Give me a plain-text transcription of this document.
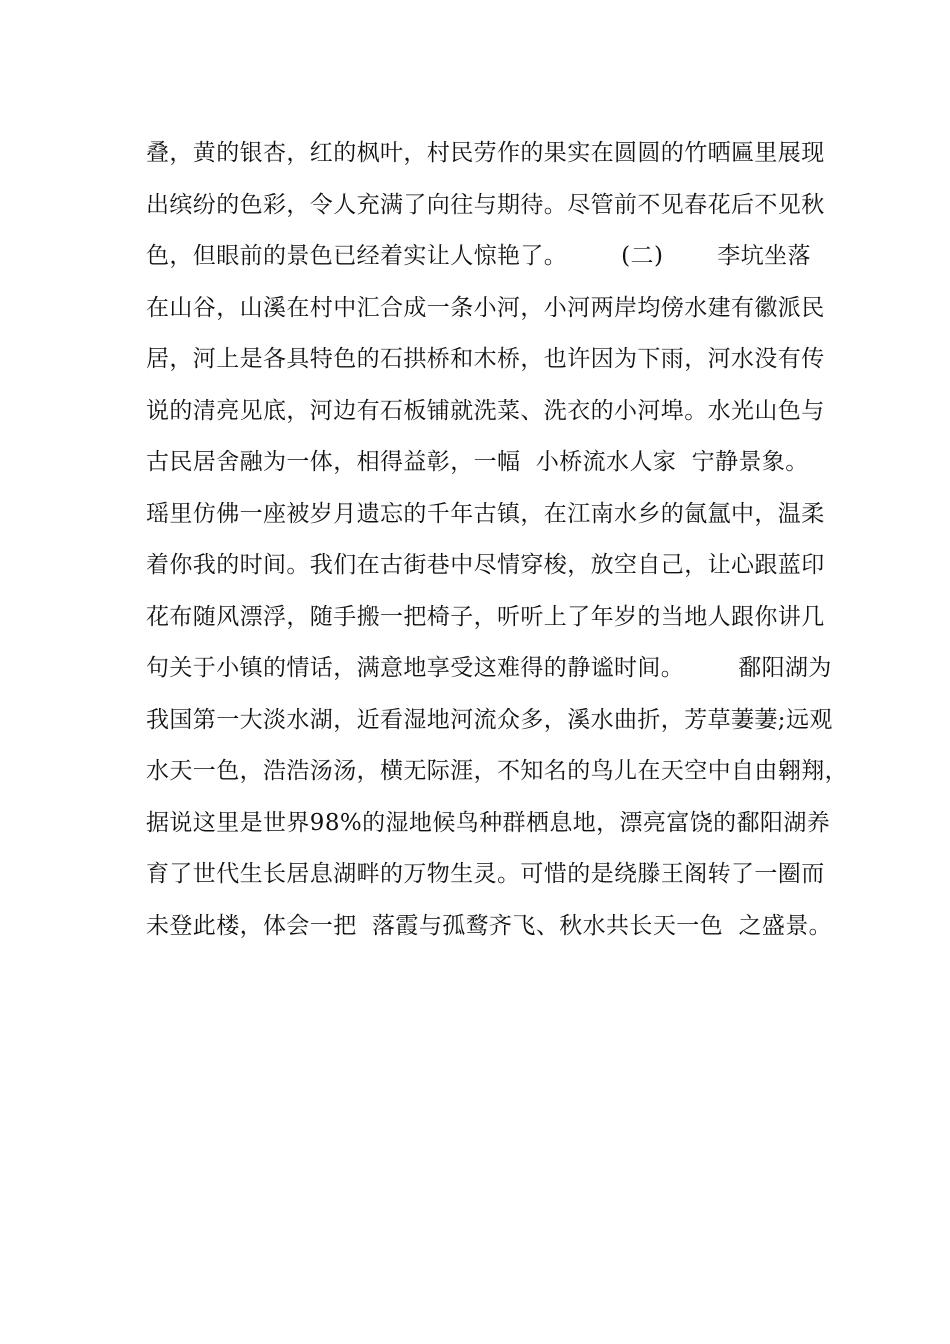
叠，黄的银杏，红的枫叶，村民劳作的果实在圆圆的竹晒匾里展现
出缤纷的色彩，令人充满了向往与期待。尽管前不见春花后不见秋
色，但眼前的景色已经着实让人惊艳了。       (二)       李坑坐落
在山谷，山溪在村中汇合成一条小河，小河两岸均傍水建有徽派民
居，河上是各具特色的石拱桥和木桥，也许因为下雨，河水没有传
说的清亮见底，河边有石板铺就洗菜、洗衣的小河埠。水光山色与
古民居舍融为一体，相得益彰，一幅  小桥流水人家  宁静景象。
瑶里仿佛一座被岁月遗忘的千年古镇，在江南水乡的氤氲中，温柔
着你我的时间。我们在古街巷中尽情穿梭，放空自己，让心跟蓝印
花布随风漂浮，随手搬一把椅子，听听上了年岁的当地人跟你讲几
句关于小镇的情话，满意地享受这难得的静谧时间。       鄱阳湖为
我国第一大淡水湖，近看湿地河流众多，溪水曲折，芳草萋萋;远观
水天一色，浩浩汤汤，横无际涯，不知名的鸟儿在天空中自由翱翔，
据说这里是世界98%的湿地候鸟种群栖息地，漂亮富饶的鄱阳湖养
育了世代生长居息湖畔的万物生灵。可惜的是绕滕王阁转了一圈而
未登此楼，体会一把  落霞与孤鹜齐飞、秋水共长天一色  之盛景。
